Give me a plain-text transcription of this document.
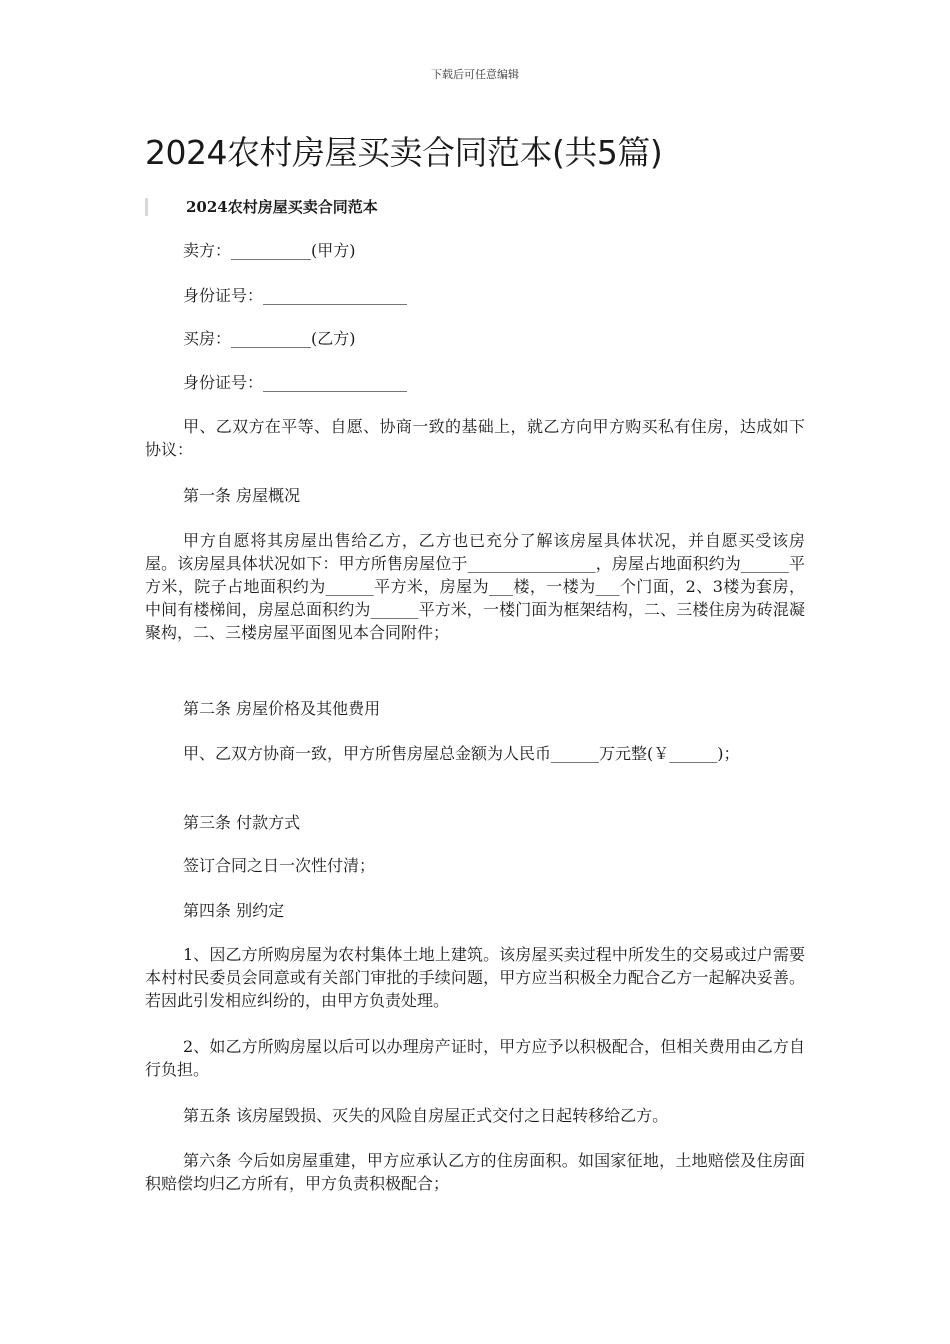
下载后可任意编辑
2024农村房屋买卖合同范本(共5篇)
2024农村房屋买卖合同范本

卖方：__________(甲方)

身份证号：__________________

买房：__________(乙方)

身份证号：__________________

甲、乙双方在平等、自愿、协商一致的基础上，就乙方向甲方购买私有住房，达成如下协议：

第一条 房屋概况

甲方自愿将其房屋出售给乙方，乙方也已充分了解该房屋具体状况，并自愿买受该房屋。该房屋具体状况如下：甲方所售房屋位于________________，房屋占地面积约为______平方米，院子占地面积约为______平方米，房屋为___楼，一楼为___个门面，2、3楼为套房，中间有楼梯间，房屋总面积约为______平方米，一楼门面为框架结构，二、三楼住房为砖混凝聚构，二、三楼房屋平面图见本合同附件；

第二条 房屋价格及其他费用

甲、乙双方协商一致，甲方所售房屋总金额为人民币______万元整(￥______)；

第三条 付款方式

签订合同之日一次性付清；

第四条 别约定

1、因乙方所购房屋为农村集体土地上建筑。该房屋买卖过程中所发生的交易或过户需要本村村民委员会同意或有关部门审批的手续问题，甲方应当积极全力配合乙方一起解决妥善。若因此引发相应纠纷的，由甲方负责处理。

2、如乙方所购房屋以后可以办理房产证时，甲方应予以积极配合，但相关费用由乙方自行负担。

第五条 该房屋毁损、灭失的风险自房屋正式交付之日起转移给乙方。

第六条 今后如房屋重建，甲方应承认乙方的住房面积。如国家征地，土地赔偿及住房面积赔偿均归乙方所有，甲方负责积极配合；
